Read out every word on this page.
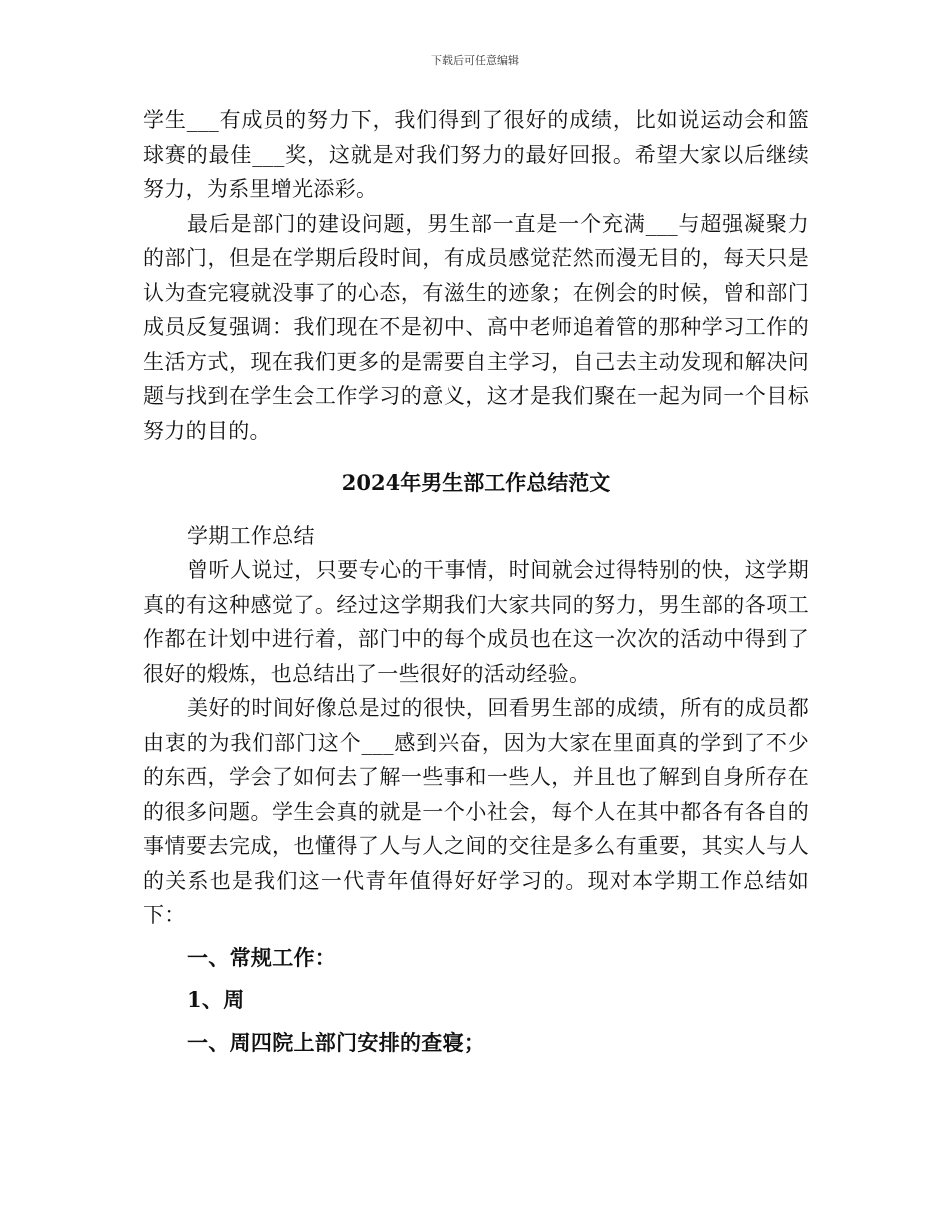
下载后可任意编辑

学生___有成员的努力下，我们得到了很好的成绩，比如说运动会和篮球赛的最佳___奖，这就是对我们努力的最好回报。希望大家以后继续努力，为系里增光添彩。

最后是部门的建设问题，男生部一直是一个充满___与超强凝聚力的部门，但是在学期后段时间，有成员感觉茫然而漫无目的，每天只是认为查完寝就没事了的心态，有滋生的迹象；在例会的时候，曾和部门成员反复强调：我们现在不是初中、高中老师追着管的那种学习工作的生活方式，现在我们更多的是需要自主学习，自己去主动发现和解决问题与找到在学生会工作学习的意义，这才是我们聚在一起为同一个目标努力的目的。

2024年男生部工作总结范文

学期工作总结

曾听人说过，只要专心的干事情，时间就会过得特别的快，这学期真的有这种感觉了。经过这学期我们大家共同的努力，男生部的各项工作都在计划中进行着，部门中的每个成员也在这一次次的活动中得到了很好的煅炼，也总结出了一些很好的活动经验。

美好的时间好像总是过的很快，回看男生部的成绩，所有的成员都由衷的为我们部门这个___感到兴奋，因为大家在里面真的学到了不少的东西，学会了如何去了解一些事和一些人，并且也了解到自身所存在的很多问题。学生会真的就是一个小社会，每个人在其中都各有各自的事情要去完成，也懂得了人与人之间的交往是多么有重要，其实人与人的关系也是我们这一代青年值得好好学习的。现对本学期工作总结如下：

一、常规工作：

1、周

一、周四院上部门安排的查寝；
